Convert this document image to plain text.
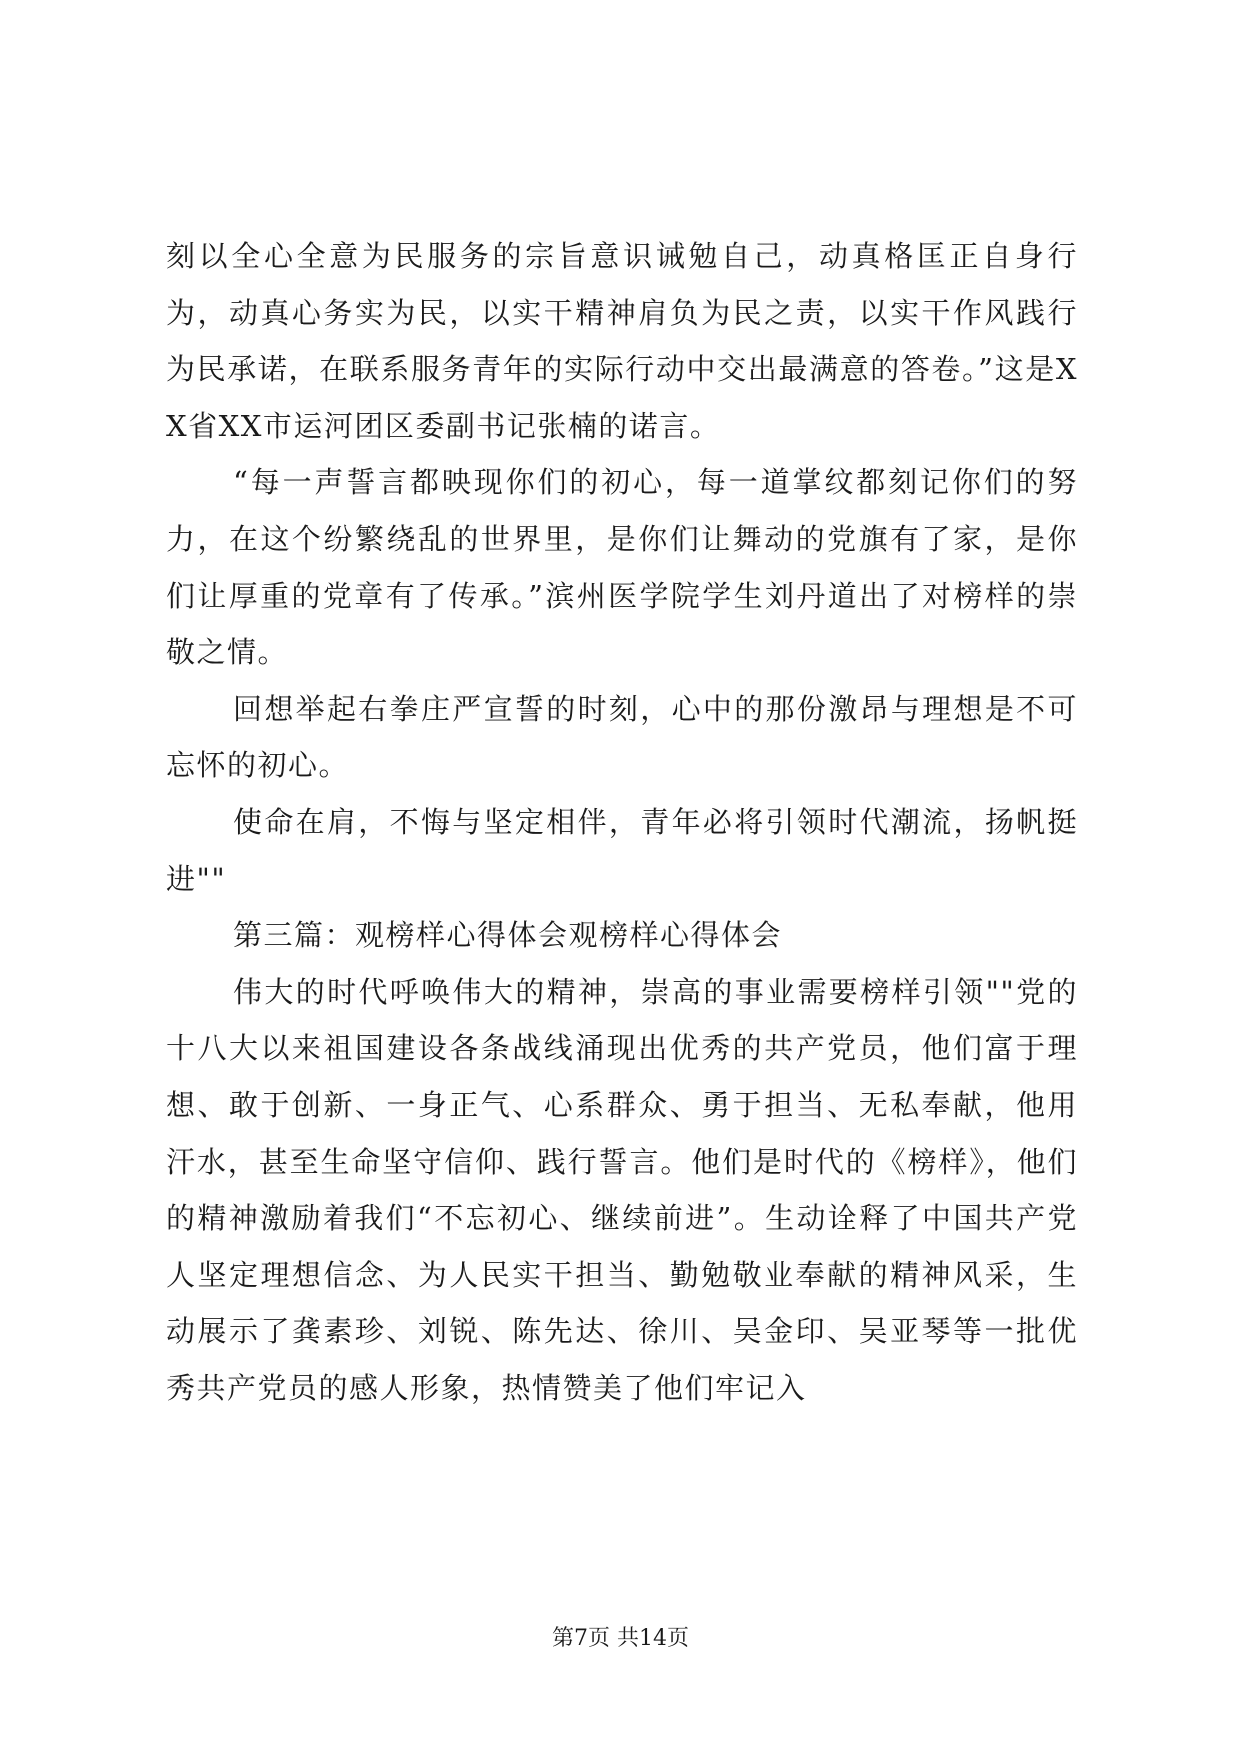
刻以全心全意为民服务的宗旨意识诫勉自己，动真格匡正自身行为，动真心务实为民，以实干精神肩负为民之责，以实干作风践行为民承诺，在联系服务青年的实际行动中交出最满意的答卷。”这是XX省XX市运河团区委副书记张楠的诺言。

“每一声誓言都映现你们的初心，每一道掌纹都刻记你们的努力，在这个纷繁绕乱的世界里，是你们让舞动的党旗有了家，是你们让厚重的党章有了传承。”滨州医学院学生刘丹道出了对榜样的崇敬之情。

回想举起右拳庄严宣誓的时刻，心中的那份激昂与理想是不可忘怀的初心。

使命在肩，不悔与坚定相伴，青年必将引领时代潮流，扬帆挺进""

第三篇：观榜样心得体会观榜样心得体会

伟大的时代呼唤伟大的精神，崇高的事业需要榜样引领""党的十八大以来祖国建设各条战线涌现出优秀的共产党员，他们富于理想、敢于创新、一身正气、心系群众、勇于担当、无私奉献，他用汗水，甚至生命坚守信仰、践行誓言。他们是时代的《榜样》，他们的精神激励着我们“不忘初心、继续前进”。生动诠释了中国共产党人坚定理想信念、为人民实干担当、勤勉敬业奉献的精神风采，生动展示了龚素珍、刘锐、陈先达、徐川、吴金印、吴亚琴等一批优秀共产党员的感人形象，热情赞美了他们牢记入

第7页 共14页
